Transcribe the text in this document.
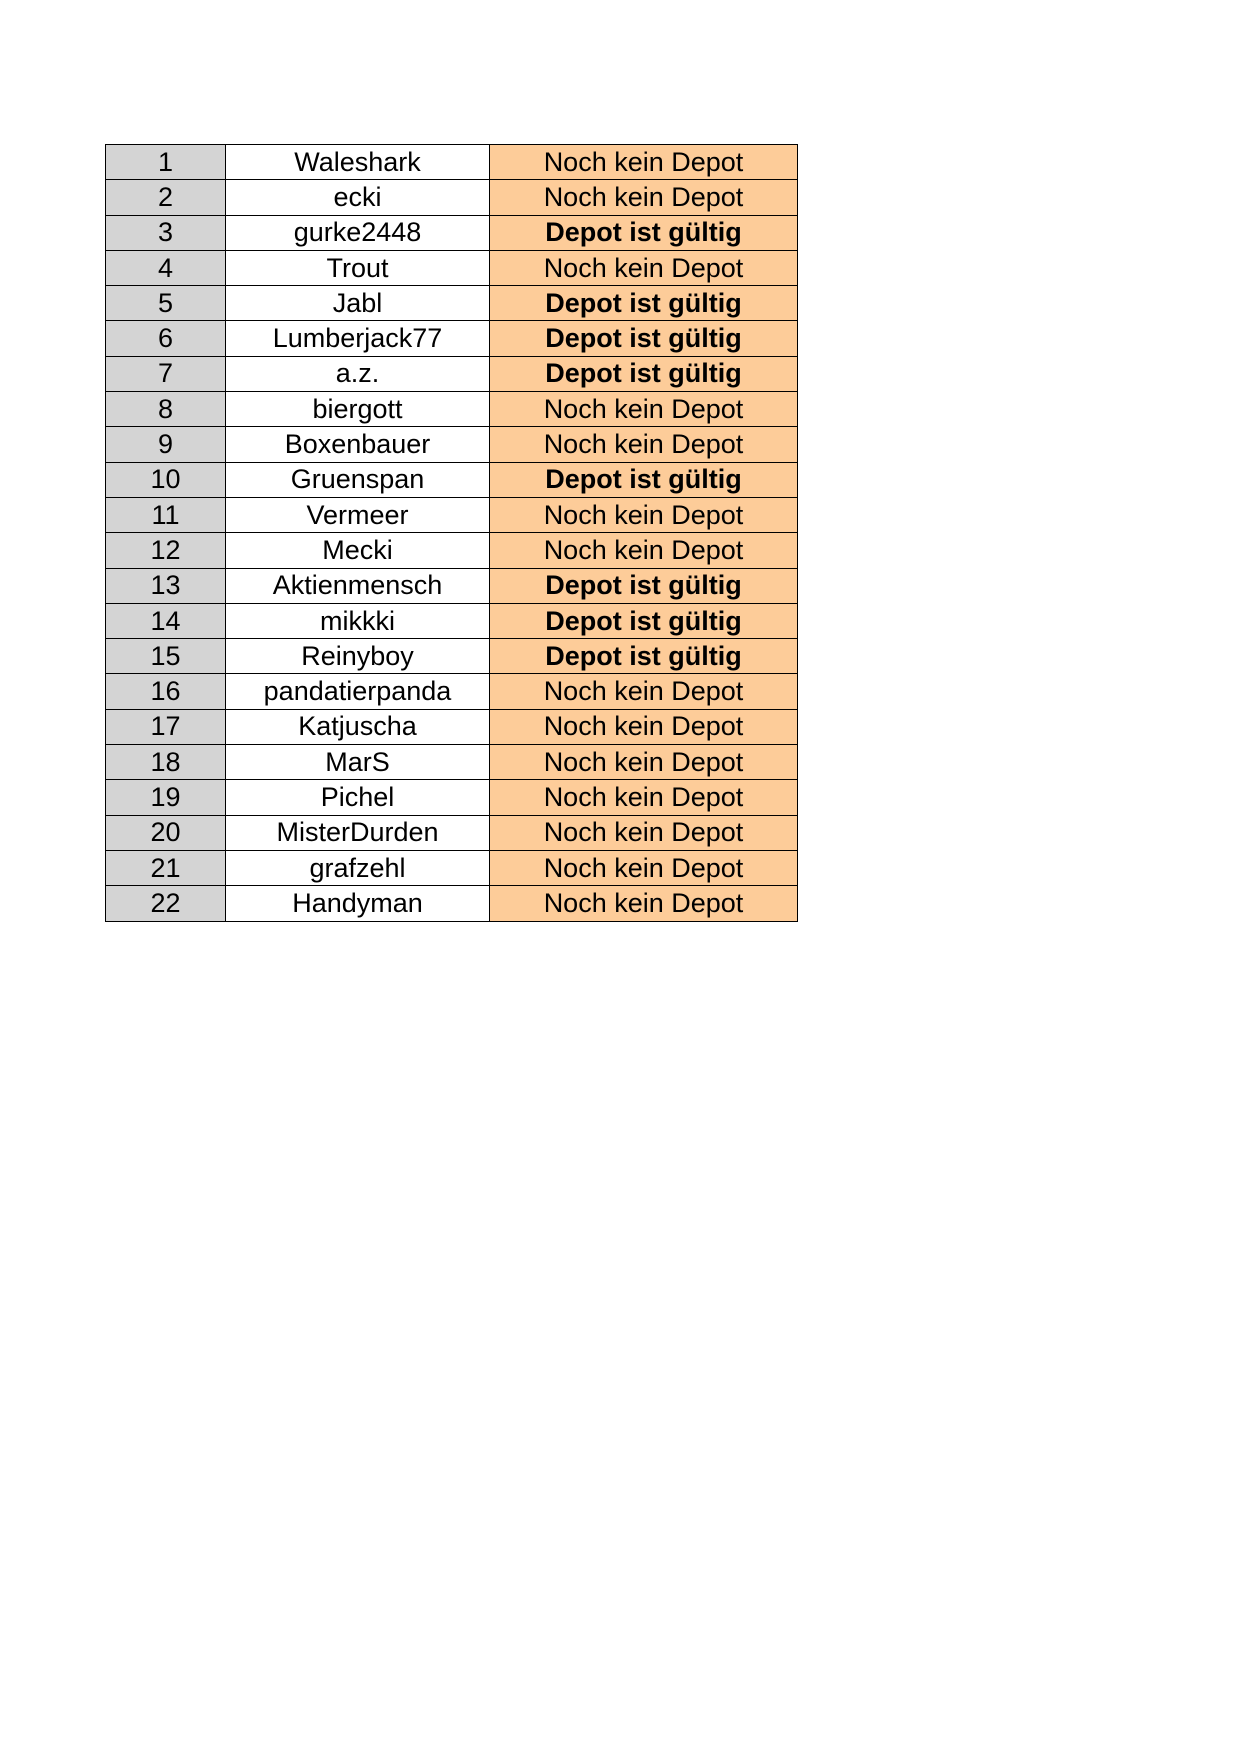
1	Waleshark	Noch kein Depot
2	ecki	Noch kein Depot
3	gurke2448	Depot ist gültig
4	Trout	Noch kein Depot
5	Jabl	Depot ist gültig
6	Lumberjack77	Depot ist gültig
7	a.z.	Depot ist gültig
8	biergott	Noch kein Depot
9	Boxenbauer	Noch kein Depot
10	Gruenspan	Depot ist gültig
11	Vermeer	Noch kein Depot
12	Mecki	Noch kein Depot
13	Aktienmensch	Depot ist gültig
14	mikkki	Depot ist gültig
15	Reinyboy	Depot ist gültig
16	pandatierpanda	Noch kein Depot
17	Katjuscha	Noch kein Depot
18	MarS	Noch kein Depot
19	Pichel	Noch kein Depot
20	MisterDurden	Noch kein Depot
21	grafzehl	Noch kein Depot
22	Handyman	Noch kein Depot
